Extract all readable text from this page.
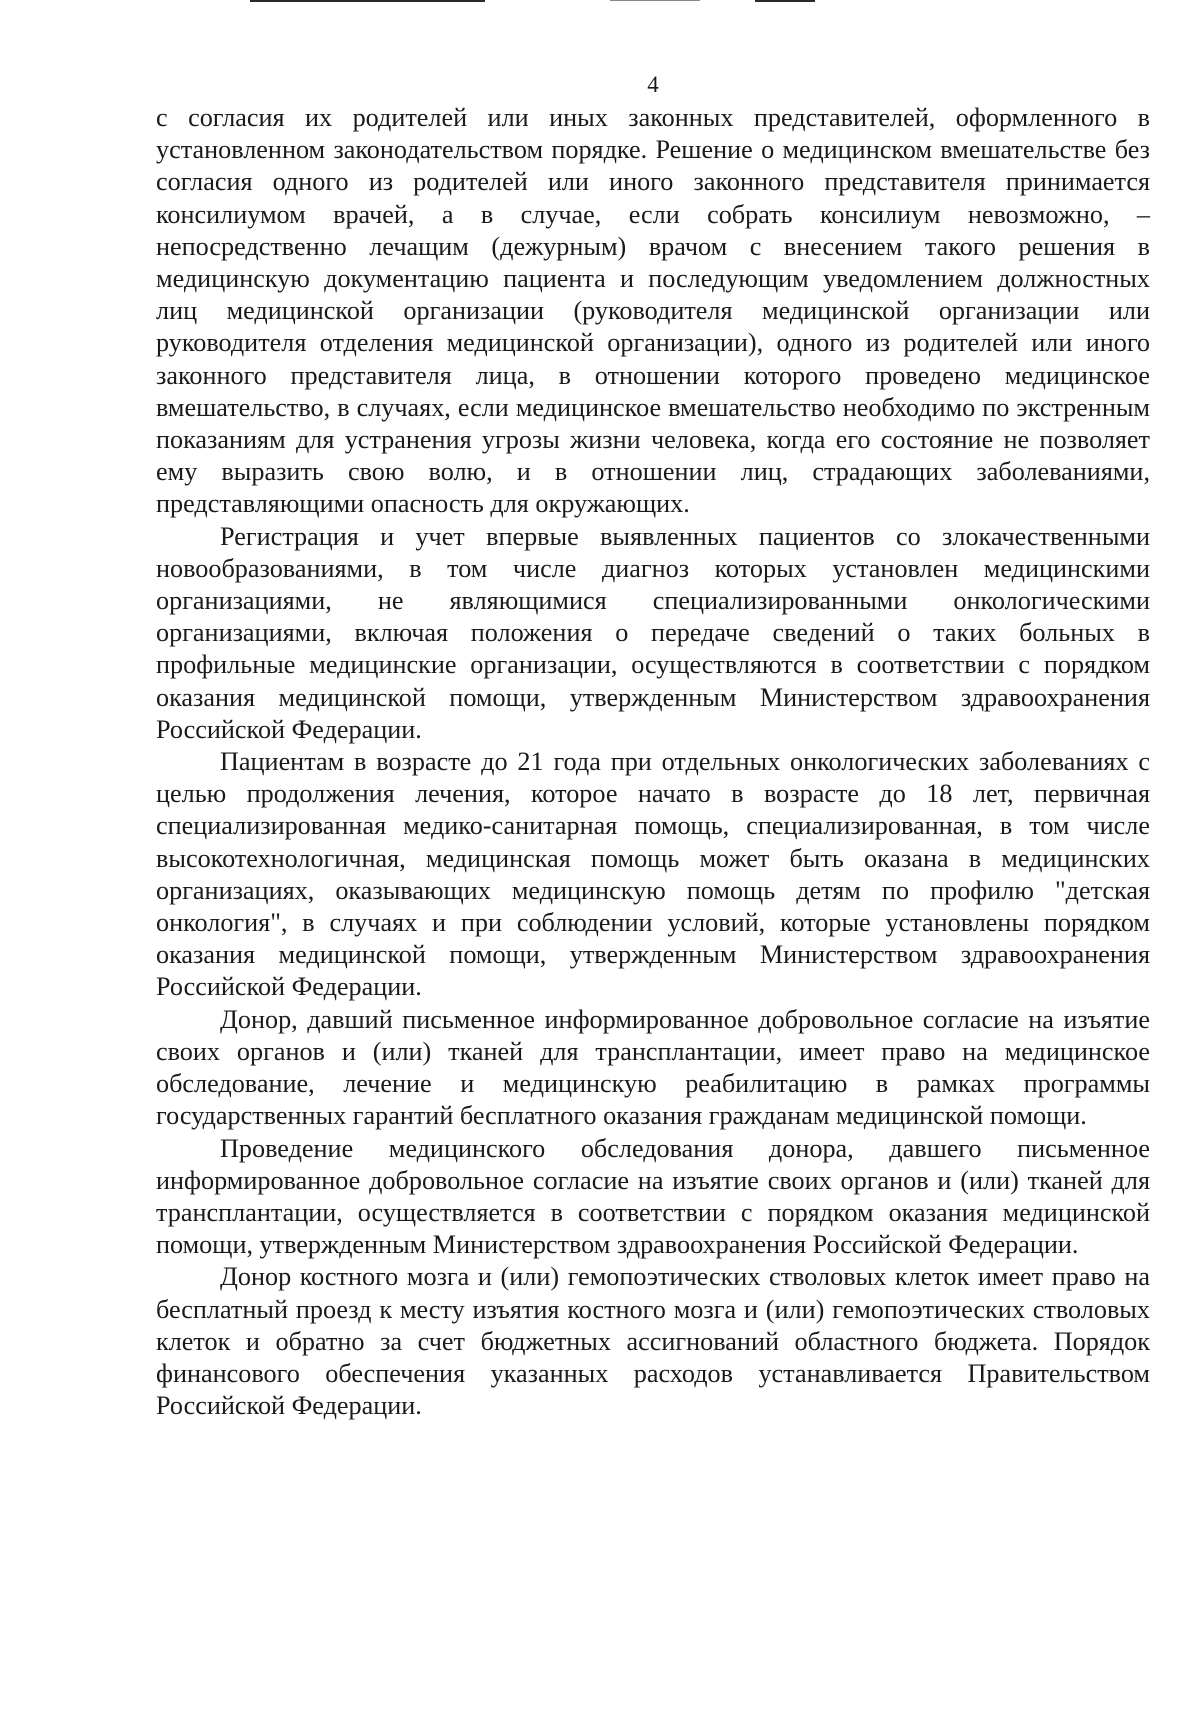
4

с согласия их родителей или иных законных представителей, оформленного в установленном законодательством порядке. Решение о медицинском вмешательстве без согласия одного из родителей или иного законного представителя принимается консилиумом врачей, а в случае, если собрать консилиум невозможно, – непосредственно лечащим (дежурным) врачом с внесением такого решения в медицинскую документацию пациента и последующим уведомлением должностных лиц медицинской организации (руководителя медицинской организации или руководителя отделения медицинской организации), одного из родителей или иного законного представителя лица, в отношении которого проведено медицинское вмешательство, в случаях, если медицинское вмешательство необходимо по экстренным показаниям для устранения угрозы жизни человека, когда его состояние не позволяет ему выразить свою волю, и в отношении лиц, страдающих заболеваниями, представляющими опасность для окружающих.

Регистрация и учет впервые выявленных пациентов со злокачественными новообразованиями, в том числе диагноз которых установлен медицинскими организациями, не являющимися специализированными онкологическими организациями, включая положения о передаче сведений о таких больных в профильные медицинские организации, осуществляются в соответствии с порядком оказания медицинской помощи, утвержденным Министерством здравоохранения Российской Федерации.

Пациентам в возрасте до 21 года при отдельных онкологических заболеваниях с целью продолжения лечения, которое начато в возрасте до 18 лет, первичная специализированная медико-санитарная помощь, специализированная, в том числе высокотехнологичная, медицинская помощь может быть оказана в медицинских организациях, оказывающих медицинскую помощь детям по профилю "детская онкология", в случаях и при соблюдении условий, которые установлены порядком оказания медицинской помощи, утвержденным Министерством здравоохранения Российской Федерации.

Донор, давший письменное информированное добровольное согласие на изъятие своих органов и (или) тканей для трансплантации, имеет право на медицинское обследование, лечение и медицинскую реабилитацию в рамках программы государственных гарантий бесплатного оказания гражданам медицинской помощи.

Проведение медицинского обследования донора, давшего письменное информированное добровольное согласие на изъятие своих органов и (или) тканей для трансплантации, осуществляется в соответствии с порядком оказания медицинской помощи, утвержденным Министерством здравоохранения Российской Федерации.

Донор костного мозга и (или) гемопоэтических стволовых клеток имеет право на бесплатный проезд к месту изъятия костного мозга и (или) гемопоэтических стволовых клеток и обратно за счет бюджетных ассигнований областного бюджета. Порядок финансового обеспечения указанных расходов устанавливается Правительством Российской Федерации.
